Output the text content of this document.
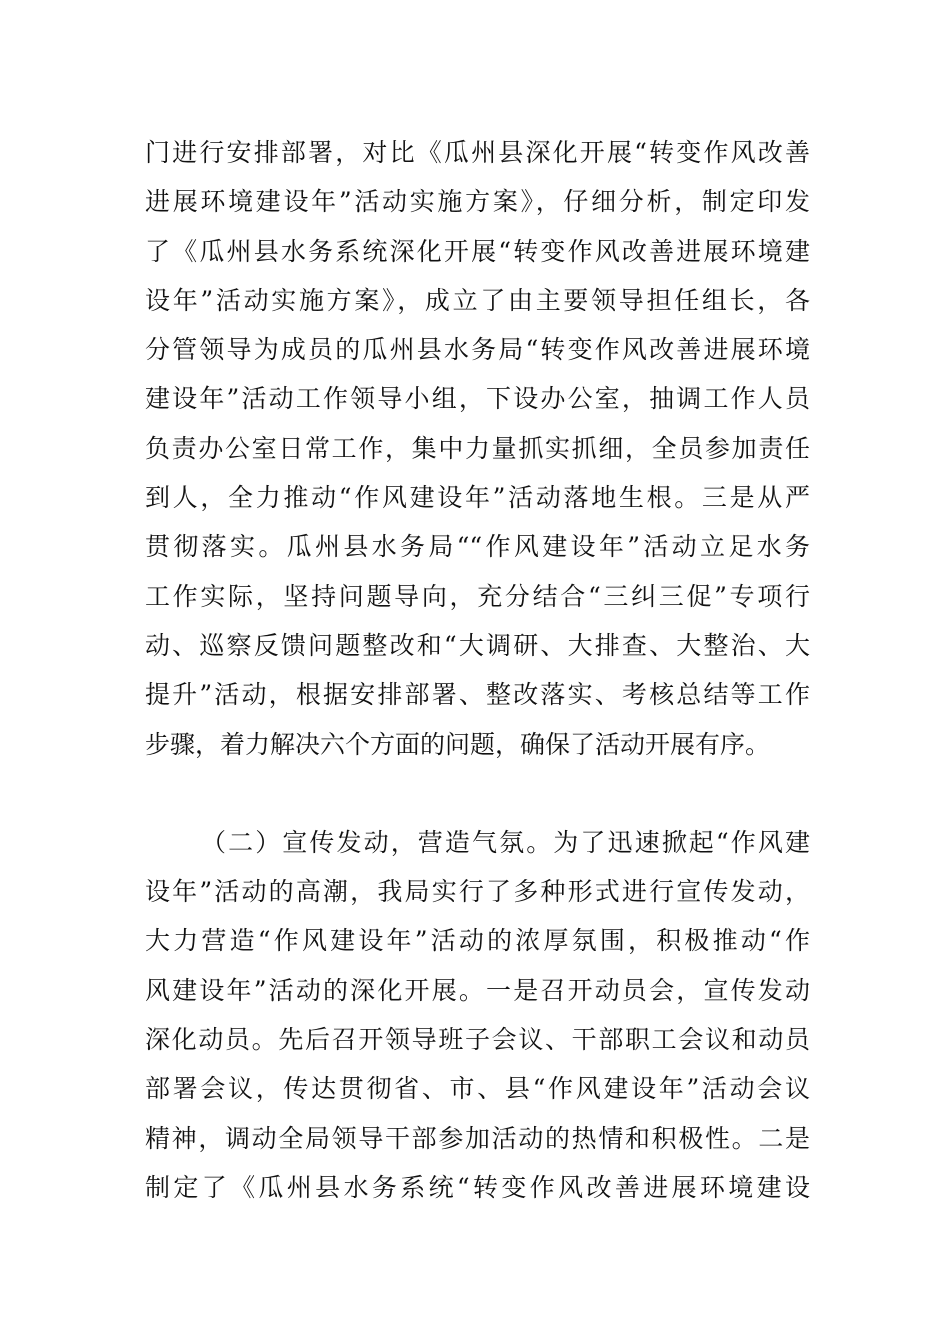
门进行安排部署，对比《瓜州县深化开展“转变作风改善
进展环境建设年”活动实施方案》，仔细分析，制定印发
了《瓜州县水务系统深化开展“转变作风改善进展环境建
设年”活动实施方案》，成立了由主要领导担任组长，各
分管领导为成员的瓜州县水务局“转变作风改善进展环境
建设年”活动工作领导小组，下设办公室，抽调工作人员
负责办公室日常工作，集中力量抓实抓细，全员参加责任
到人，全力推动“作风建设年”活动落地生根。三是从严
贯彻落实。瓜州县水务局““作风建设年”活动立足水务
工作实际，坚持问题导向，充分结合“三纠三促”专项行
动、巡察反馈问题整改和“大调研、大排查、大整治、大
提升”活动，根据安排部署、整改落实、考核总结等工作
步骤，着力解决六个方面的问题，确保了活动开展有序。
（二）宣传发动，营造气氛。为了迅速掀起“作风建
设年”活动的高潮，我局实行了多种形式进行宣传发动，
大力营造“作风建设年”活动的浓厚氛围，积极推动“作
风建设年”活动的深化开展。一是召开动员会，宣传发动
深化动员。先后召开领导班子会议、干部职工会议和动员
部署会议，传达贯彻省、市、县“作风建设年”活动会议
精神，调动全局领导干部参加活动的热情和积极性。二是
制定了《瓜州县水务系统“转变作风改善进展环境建设
